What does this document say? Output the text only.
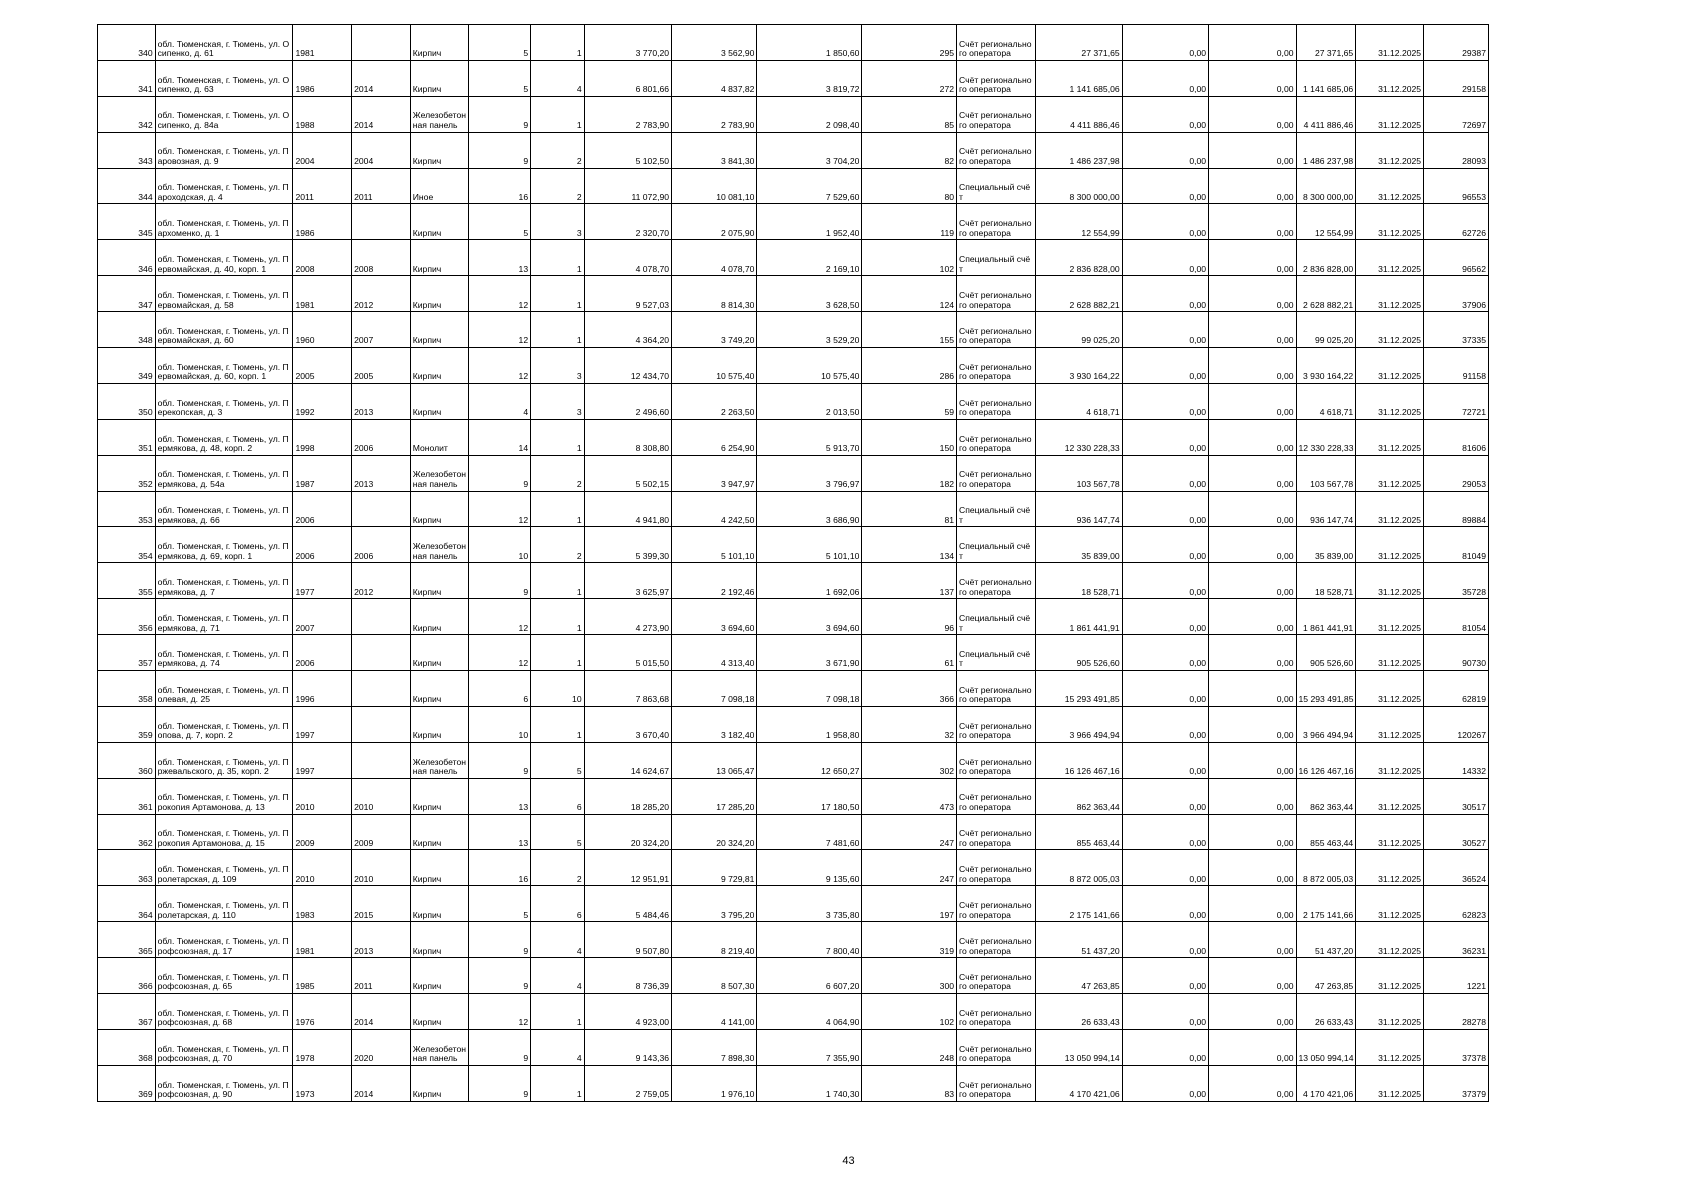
340	обл. Тюменская, г. Тюмень, ул. Осипенко, д. 61	1981		Кирпич	5	1	3 770,20	3 562,90	1 850,60	295	Счёт регионального оператора	27 371,65	0,00	0,00	27 371,65	31.12.2025	29387
341	обл. Тюменская, г. Тюмень, ул. Осипенко, д. 63	1986	2014	Кирпич	5	4	6 801,66	4 837,82	3 819,72	272	Счёт регионального оператора	1 141 685,06	0,00	0,00	1 141 685,06	31.12.2025	29158
342	обл. Тюменская, г. Тюмень, ул. Осипенко, д. 84а	1988	2014	Железобетонная панель	9	1	2 783,90	2 783,90	2 098,40	85	Счёт регионального оператора	4 411 886,46	0,00	0,00	4 411 886,46	31.12.2025	72697
343	обл. Тюменская, г. Тюмень, ул. Паровозная, д. 9	2004	2004	Кирпич	9	2	5 102,50	3 841,30	3 704,20	82	Счёт регионального оператора	1 486 237,98	0,00	0,00	1 486 237,98	31.12.2025	28093
344	обл. Тюменская, г. Тюмень, ул. Пароходская, д. 4	2011	2011	Иное	16	2	11 072,90	10 081,10	7 529,60	80	Специальный счёт	8 300 000,00	0,00	0,00	8 300 000,00	31.12.2025	96553
345	обл. Тюменская, г. Тюмень, ул. Пархоменко, д. 1	1986		Кирпич	5	3	2 320,70	2 075,90	1 952,40	119	Счёт регионального оператора	12 554,99	0,00	0,00	12 554,99	31.12.2025	62726
346	обл. Тюменская, г. Тюмень, ул. Первомайская, д. 40, корп. 1	2008	2008	Кирпич	13	1	4 078,70	4 078,70	2 169,10	102	Специальный счёт	2 836 828,00	0,00	0,00	2 836 828,00	31.12.2025	96562
347	обл. Тюменская, г. Тюмень, ул. Первомайская, д. 58	1981	2012	Кирпич	12	1	9 527,03	8 814,30	3 628,50	124	Счёт регионального оператора	2 628 882,21	0,00	0,00	2 628 882,21	31.12.2025	37906
348	обл. Тюменская, г. Тюмень, ул. Первомайская, д. 60	1960	2007	Кирпич	12	1	4 364,20	3 749,20	3 529,20	155	Счёт регионального оператора	99 025,20	0,00	0,00	99 025,20	31.12.2025	37335
349	обл. Тюменская, г. Тюмень, ул. Первомайская, д. 60, корп. 1	2005	2005	Кирпич	12	3	12 434,70	10 575,40	10 575,40	286	Счёт регионального оператора	3 930 164,22	0,00	0,00	3 930 164,22	31.12.2025	91158
350	обл. Тюменская, г. Тюмень, ул. Перекопская, д. 3	1992	2013	Кирпич	4	3	2 496,60	2 263,50	2 013,50	59	Счёт регионального оператора	4 618,71	0,00	0,00	4 618,71	31.12.2025	72721
351	обл. Тюменская, г. Тюмень, ул. Пермякова, д. 48, корп. 2	1998	2006	Монолит	14	1	8 308,80	6 254,90	5 913,70	150	Счёт регионального оператора	12 330 228,33	0,00	0,00	12 330 228,33	31.12.2025	81606
352	обл. Тюменская, г. Тюмень, ул. Пермякова, д. 54а	1987	2013	Железобетонная панель	9	2	5 502,15	3 947,97	3 796,97	182	Счёт регионального оператора	103 567,78	0,00	0,00	103 567,78	31.12.2025	29053
353	обл. Тюменская, г. Тюмень, ул. Пермякова, д. 66	2006		Кирпич	12	1	4 941,80	4 242,50	3 686,90	81	Специальный счёт	936 147,74	0,00	0,00	936 147,74	31.12.2025	89884
354	обл. Тюменская, г. Тюмень, ул. Пермякова, д. 69, корп. 1	2006	2006	Железобетонная панель	10	2	5 399,30	5 101,10	5 101,10	134	Специальный счёт	35 839,00	0,00	0,00	35 839,00	31.12.2025	81049
355	обл. Тюменская, г. Тюмень, ул. Пермякова, д. 7	1977	2012	Кирпич	9	1	3 625,97	2 192,46	1 692,06	137	Счёт регионального оператора	18 528,71	0,00	0,00	18 528,71	31.12.2025	35728
356	обл. Тюменская, г. Тюмень, ул. Пермякова, д. 71	2007		Кирпич	12	1	4 273,90	3 694,60	3 694,60	96	Специальный счёт	1 861 441,91	0,00	0,00	1 861 441,91	31.12.2025	81054
357	обл. Тюменская, г. Тюмень, ул. Пермякова, д. 74	2006		Кирпич	12	1	5 015,50	4 313,40	3 671,90	61	Специальный счёт	905 526,60	0,00	0,00	905 526,60	31.12.2025	90730
358	обл. Тюменская, г. Тюмень, ул. Полевая, д. 25	1996		Кирпич	6	10	7 863,68	7 098,18	7 098,18	366	Счёт регионального оператора	15 293 491,85	0,00	0,00	15 293 491,85	31.12.2025	62819
359	обл. Тюменская, г. Тюмень, ул. Попова, д. 7, корп. 2	1997		Кирпич	10	1	3 670,40	3 182,40	1 958,80	32	Счёт регионального оператора	3 966 494,94	0,00	0,00	3 966 494,94	31.12.2025	120267
360	обл. Тюменская, г. Тюмень, ул. Пржевальского, д. 35, корп. 2	1997		Железобетонная панель	9	5	14 624,67	13 065,47	12 650,27	302	Счёт регионального оператора	16 126 467,16	0,00	0,00	16 126 467,16	31.12.2025	14332
361	обл. Тюменская, г. Тюмень, ул. Прокопия Артамонова, д. 13	2010	2010	Кирпич	13	6	18 285,20	17 285,20	17 180,50	473	Счёт регионального оператора	862 363,44	0,00	0,00	862 363,44	31.12.2025	30517
362	обл. Тюменская, г. Тюмень, ул. Прокопия Артамонова, д. 15	2009	2009	Кирпич	13	5	20 324,20	20 324,20	7 481,60	247	Счёт регионального оператора	855 463,44	0,00	0,00	855 463,44	31.12.2025	30527
363	обл. Тюменская, г. Тюмень, ул. Пролетарская, д. 109	2010	2010	Кирпич	16	2	12 951,91	9 729,81	9 135,60	247	Счёт регионального оператора	8 872 005,03	0,00	0,00	8 872 005,03	31.12.2025	36524
364	обл. Тюменская, г. Тюмень, ул. Пролетарская, д. 110	1983	2015	Кирпич	5	6	5 484,46	3 795,20	3 735,80	197	Счёт регионального оператора	2 175 141,66	0,00	0,00	2 175 141,66	31.12.2025	62823
365	обл. Тюменская, г. Тюмень, ул. Профсоюзная, д. 17	1981	2013	Кирпич	9	4	9 507,80	8 219,40	7 800,40	319	Счёт регионального оператора	51 437,20	0,00	0,00	51 437,20	31.12.2025	36231
366	обл. Тюменская, г. Тюмень, ул. Профсоюзная, д. 65	1985	2011	Кирпич	9	4	8 736,39	8 507,30	6 607,20	300	Счёт регионального оператора	47 263,85	0,00	0,00	47 263,85	31.12.2025	1221
367	обл. Тюменская, г. Тюмень, ул. Профсоюзная, д. 68	1976	2014	Кирпич	12	1	4 923,00	4 141,00	4 064,90	102	Счёт регионального оператора	26 633,43	0,00	0,00	26 633,43	31.12.2025	28278
368	обл. Тюменская, г. Тюмень, ул. Профсоюзная, д. 70	1978	2020	Железобетонная панель	9	4	9 143,36	7 898,30	7 355,90	248	Счёт регионального оператора	13 050 994,14	0,00	0,00	13 050 994,14	31.12.2025	37378
369	обл. Тюменская, г. Тюмень, ул. Профсоюзная, д. 90	1973	2014	Кирпич	9	1	2 759,05	1 976,10	1 740,30	83	Счёт регионального оператора	4 170 421,06	0,00	0,00	4 170 421,06	31.12.2025	37379
43
